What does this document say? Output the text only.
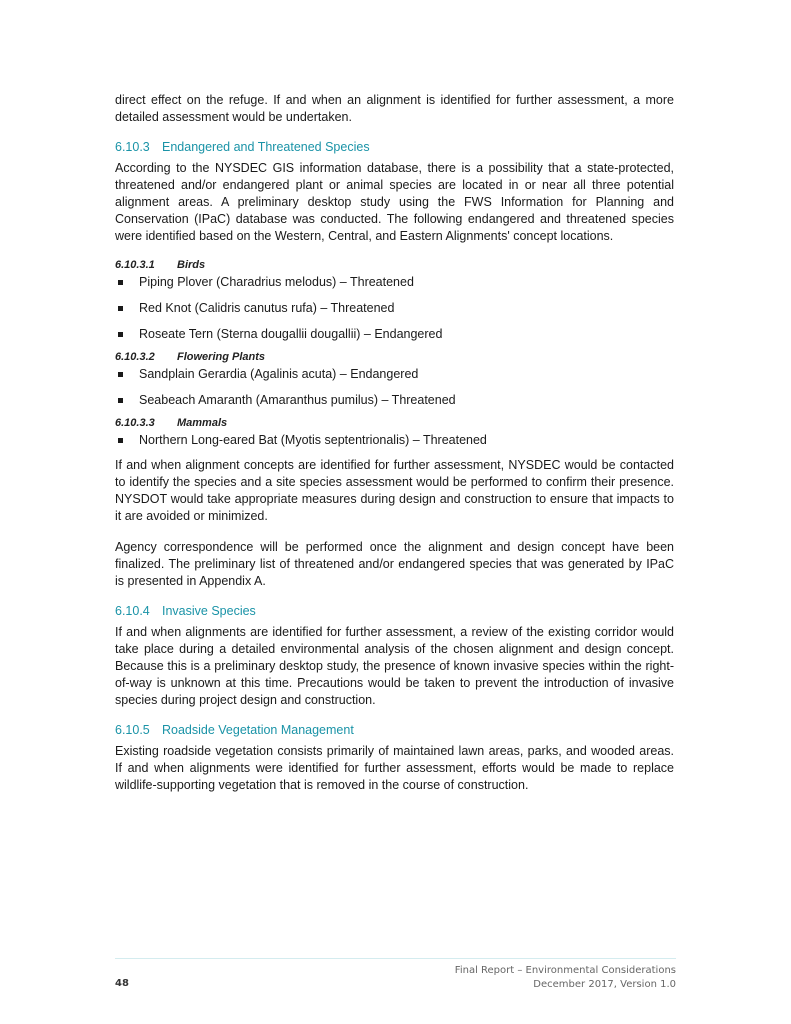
direct effect on the refuge. If and when an alignment is identified for further assessment, a more detailed assessment would be undertaken.

6.10.3 Endangered and Threatened Species

According to the NYSDEC GIS information database, there is a possibility that a state-protected, threatened and/or endangered plant or animal species are located in or near all three potential alignment areas. A preliminary desktop study using the FWS Information for Planning and Conservation (IPaC) database was conducted. The following endangered and threatened species were identified based on the Western, Central, and Eastern Alignments' concept locations.

6.10.3.1 Birds
Piping Plover (Charadrius melodus) – Threatened
Red Knot (Calidris canutus rufa) – Threatened
Roseate Tern (Sterna dougallii dougallii) – Endangered
6.10.3.2 Flowering Plants
Sandplain Gerardia (Agalinis acuta) – Endangered
Seabeach Amaranth (Amaranthus pumilus) – Threatened
6.10.3.3 Mammals
Northern Long-eared Bat (Myotis septentrionalis) – Threatened

If and when alignment concepts are identified for further assessment, NYSDEC would be contacted to identify the species and a site species assessment would be performed to confirm their presence. NYSDOT would take appropriate measures during design and construction to ensure that impacts to it are avoided or minimized.

Agency correspondence will be performed once the alignment and design concept have been finalized. The preliminary list of threatened and/or endangered species that was generated by IPaC is presented in Appendix A.

6.10.4 Invasive Species

If and when alignments are identified for further assessment, a review of the existing corridor would take place during a detailed environmental analysis of the chosen alignment and design concept. Because this is a preliminary desktop study, the presence of known invasive species within the right-of-way is unknown at this time. Precautions would be taken to prevent the introduction of invasive species during project design and construction.

6.10.5 Roadside Vegetation Management

Existing roadside vegetation consists primarily of maintained lawn areas, parks, and wooded areas. If and when alignments were identified for further assessment, efforts would be made to replace wildlife-supporting vegetation that is removed in the course of construction.

48
Final Report – Environmental Considerations
December 2017, Version 1.0
